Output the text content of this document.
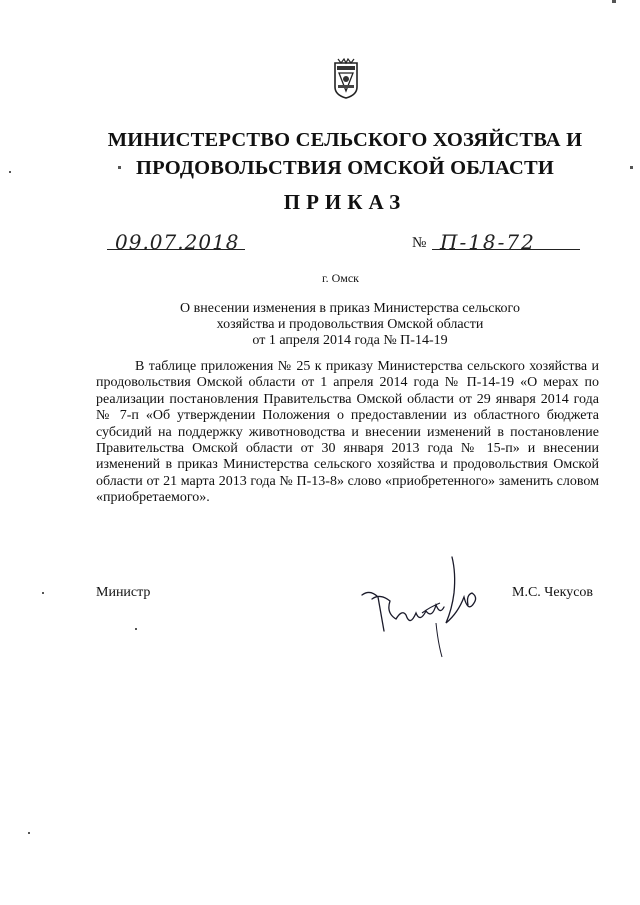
МИНИСТЕРСТВО СЕЛЬСКОГО ХОЗЯЙСТВА И
ПРОДОВОЛЬСТВИЯ ОМСКОЙ ОБЛАСТИ
ПРИКАЗ
09.07.2018	№ П-18-72
г. Омск
О внесении изменения в приказ Министерства сельского
хозяйства и продовольствия Омской области
от 1 апреля 2014 года № П-14-19
В таблице приложения № 25 к приказу Министерства сельского хозяйства и продовольствия Омской области от 1 апреля 2014 года № П-14-19 «О мерах по реализации постановления Правительства Омской области от 29 января 2014 года № 7-п «Об утверждении Положения о предоставлении из областного бюджета субсидий на поддержку животноводства и внесении изменений в постановление Правительства Омской области от 30 января 2013 года № 15-п» и внесении изменений в приказ Министерства сельского хозяйства и продовольствия Омской области от 21 марта 2013 года № П-13-8» слово «приобретенного» заменить словом «приобретаемого».
Министр	М.С. Чекусов
